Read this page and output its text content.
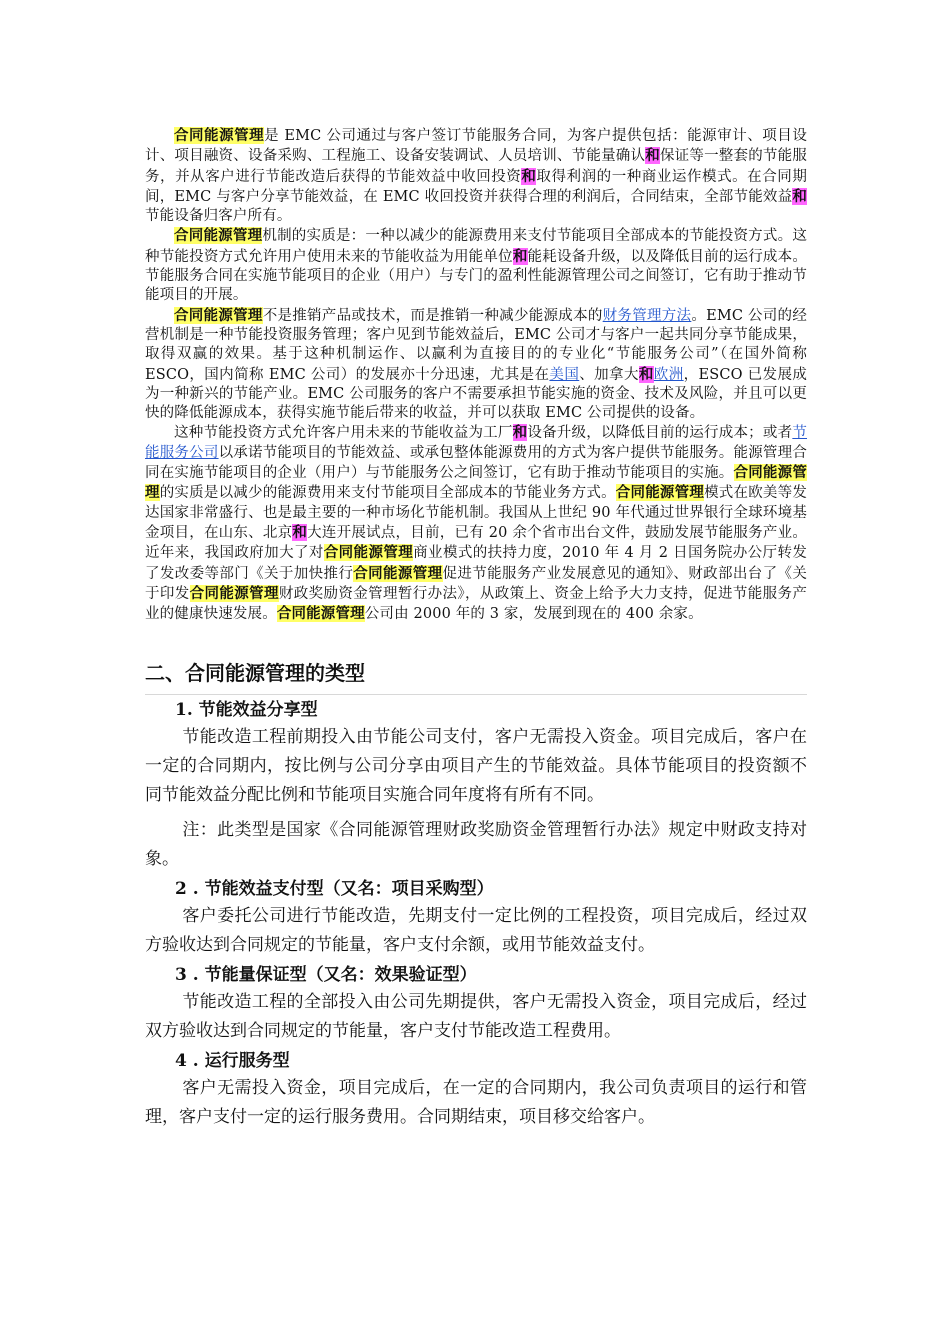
合同能源管理是 EMC 公司通过与客户签订节能服务合同，为客户提供包括：能源审计、项目设计、项目融资、设备采购、工程施工、设备安装调试、人员培训、节能量确认和保证等一整套的节能服务，并从客户进行节能改造后获得的节能效益中收回投资和取得利润的一种商业运作模式。在合同期间，EMC 与客户分享节能效益，在 EMC 收回投资并获得合理的利润后，合同结束，全部节能效益和节能设备归客户所有。

合同能源管理机制的实质是：一种以减少的能源费用来支付节能项目全部成本的节能投资方式。这种节能投资方式允许用户使用未来的节能收益为用能单位和能耗设备升级，以及降低目前的运行成本。节能服务合同在实施节能项目的企业（用户）与专门的盈利性能源管理公司之间签订，它有助于推动节能项目的开展。

合同能源管理不是推销产品或技术，而是推销一种减少能源成本的财务管理方法。EMC 公司的经营机制是一种节能投资服务管理；客户见到节能效益后，EMC 公司才与客户一起共同分享节能成果，取得双赢的效果。基于这种机制运作、以赢利为直接目的的专业化“节能服务公司”（在国外简称 ESCO，国内简称 EMC 公司）的发展亦十分迅速，尤其是在美国、加拿大和欧洲，ESCO 已发展成为一种新兴的节能产业。EMC 公司服务的客户不需要承担节能实施的资金、技术及风险，并且可以更快的降低能源成本，获得实施节能后带来的收益，并可以获取 EMC 公司提供的设备。

这种节能投资方式允许客户用未来的节能收益为工厂和设备升级，以降低目前的运行成本；或者节能服务公司以承诺节能项目的节能效益、或承包整体能源费用的方式为客户提供节能服务。能源管理合同在实施节能项目的企业（用户）与节能服务公之间签订，它有助于推动节能项目的实施。合同能源管理的实质是以减少的能源费用来支付节能项目全部成本的节能业务方式。合同能源管理模式在欧美等发达国家非常盛行、也是最主要的一种市场化节能机制。我国从上世纪 90 年代通过世界银行全球环境基金项目，在山东、北京和大连开展试点，目前，已有 20 余个省市出台文件，鼓励发展节能服务产业。近年来，我国政府加大了对合同能源管理商业模式的扶持力度，2010 年 4 月 2 日国务院办公厅转发了发改委等部门《关于加快推行合同能源管理促进节能服务产业发展意见的通知》、财政部出台了《关于印发合同能源管理财政奖励资金管理暂行办法》，从政策上、资金上给予大力支持，促进节能服务产业的健康快速发展。合同能源管理公司由 2000 年的 3 家，发展到现在的 400 余家。

二、合同能源管理的类型
1. 节能效益分享型

节能改造工程前期投入由节能公司支付，客户无需投入资金。项目完成后，客户在一定的合同期内，按比例与公司分享由项目产生的节能效益。具体节能项目的投资额不同节能效益分配比例和节能项目实施合同年度将有所有不同。

注：此类型是国家《合同能源管理财政奖励资金管理暂行办法》规定中财政支持对象。

2 . 节能效益支付型（又名：项目采购型）

客户委托公司进行节能改造，先期支付一定比例的工程投资，项目完成后，经过双方验收达到合同规定的节能量，客户支付余额，或用节能效益支付。

3 . 节能量保证型（又名：效果验证型）

节能改造工程的全部投入由公司先期提供，客户无需投入资金，项目完成后，经过双方验收达到合同规定的节能量，客户支付节能改造工程费用。

4 . 运行服务型

客户无需投入资金，项目完成后，在一定的合同期内，我公司负责项目的运行和管理，客户支付一定的运行服务费用。合同期结束，项目移交给客户。
